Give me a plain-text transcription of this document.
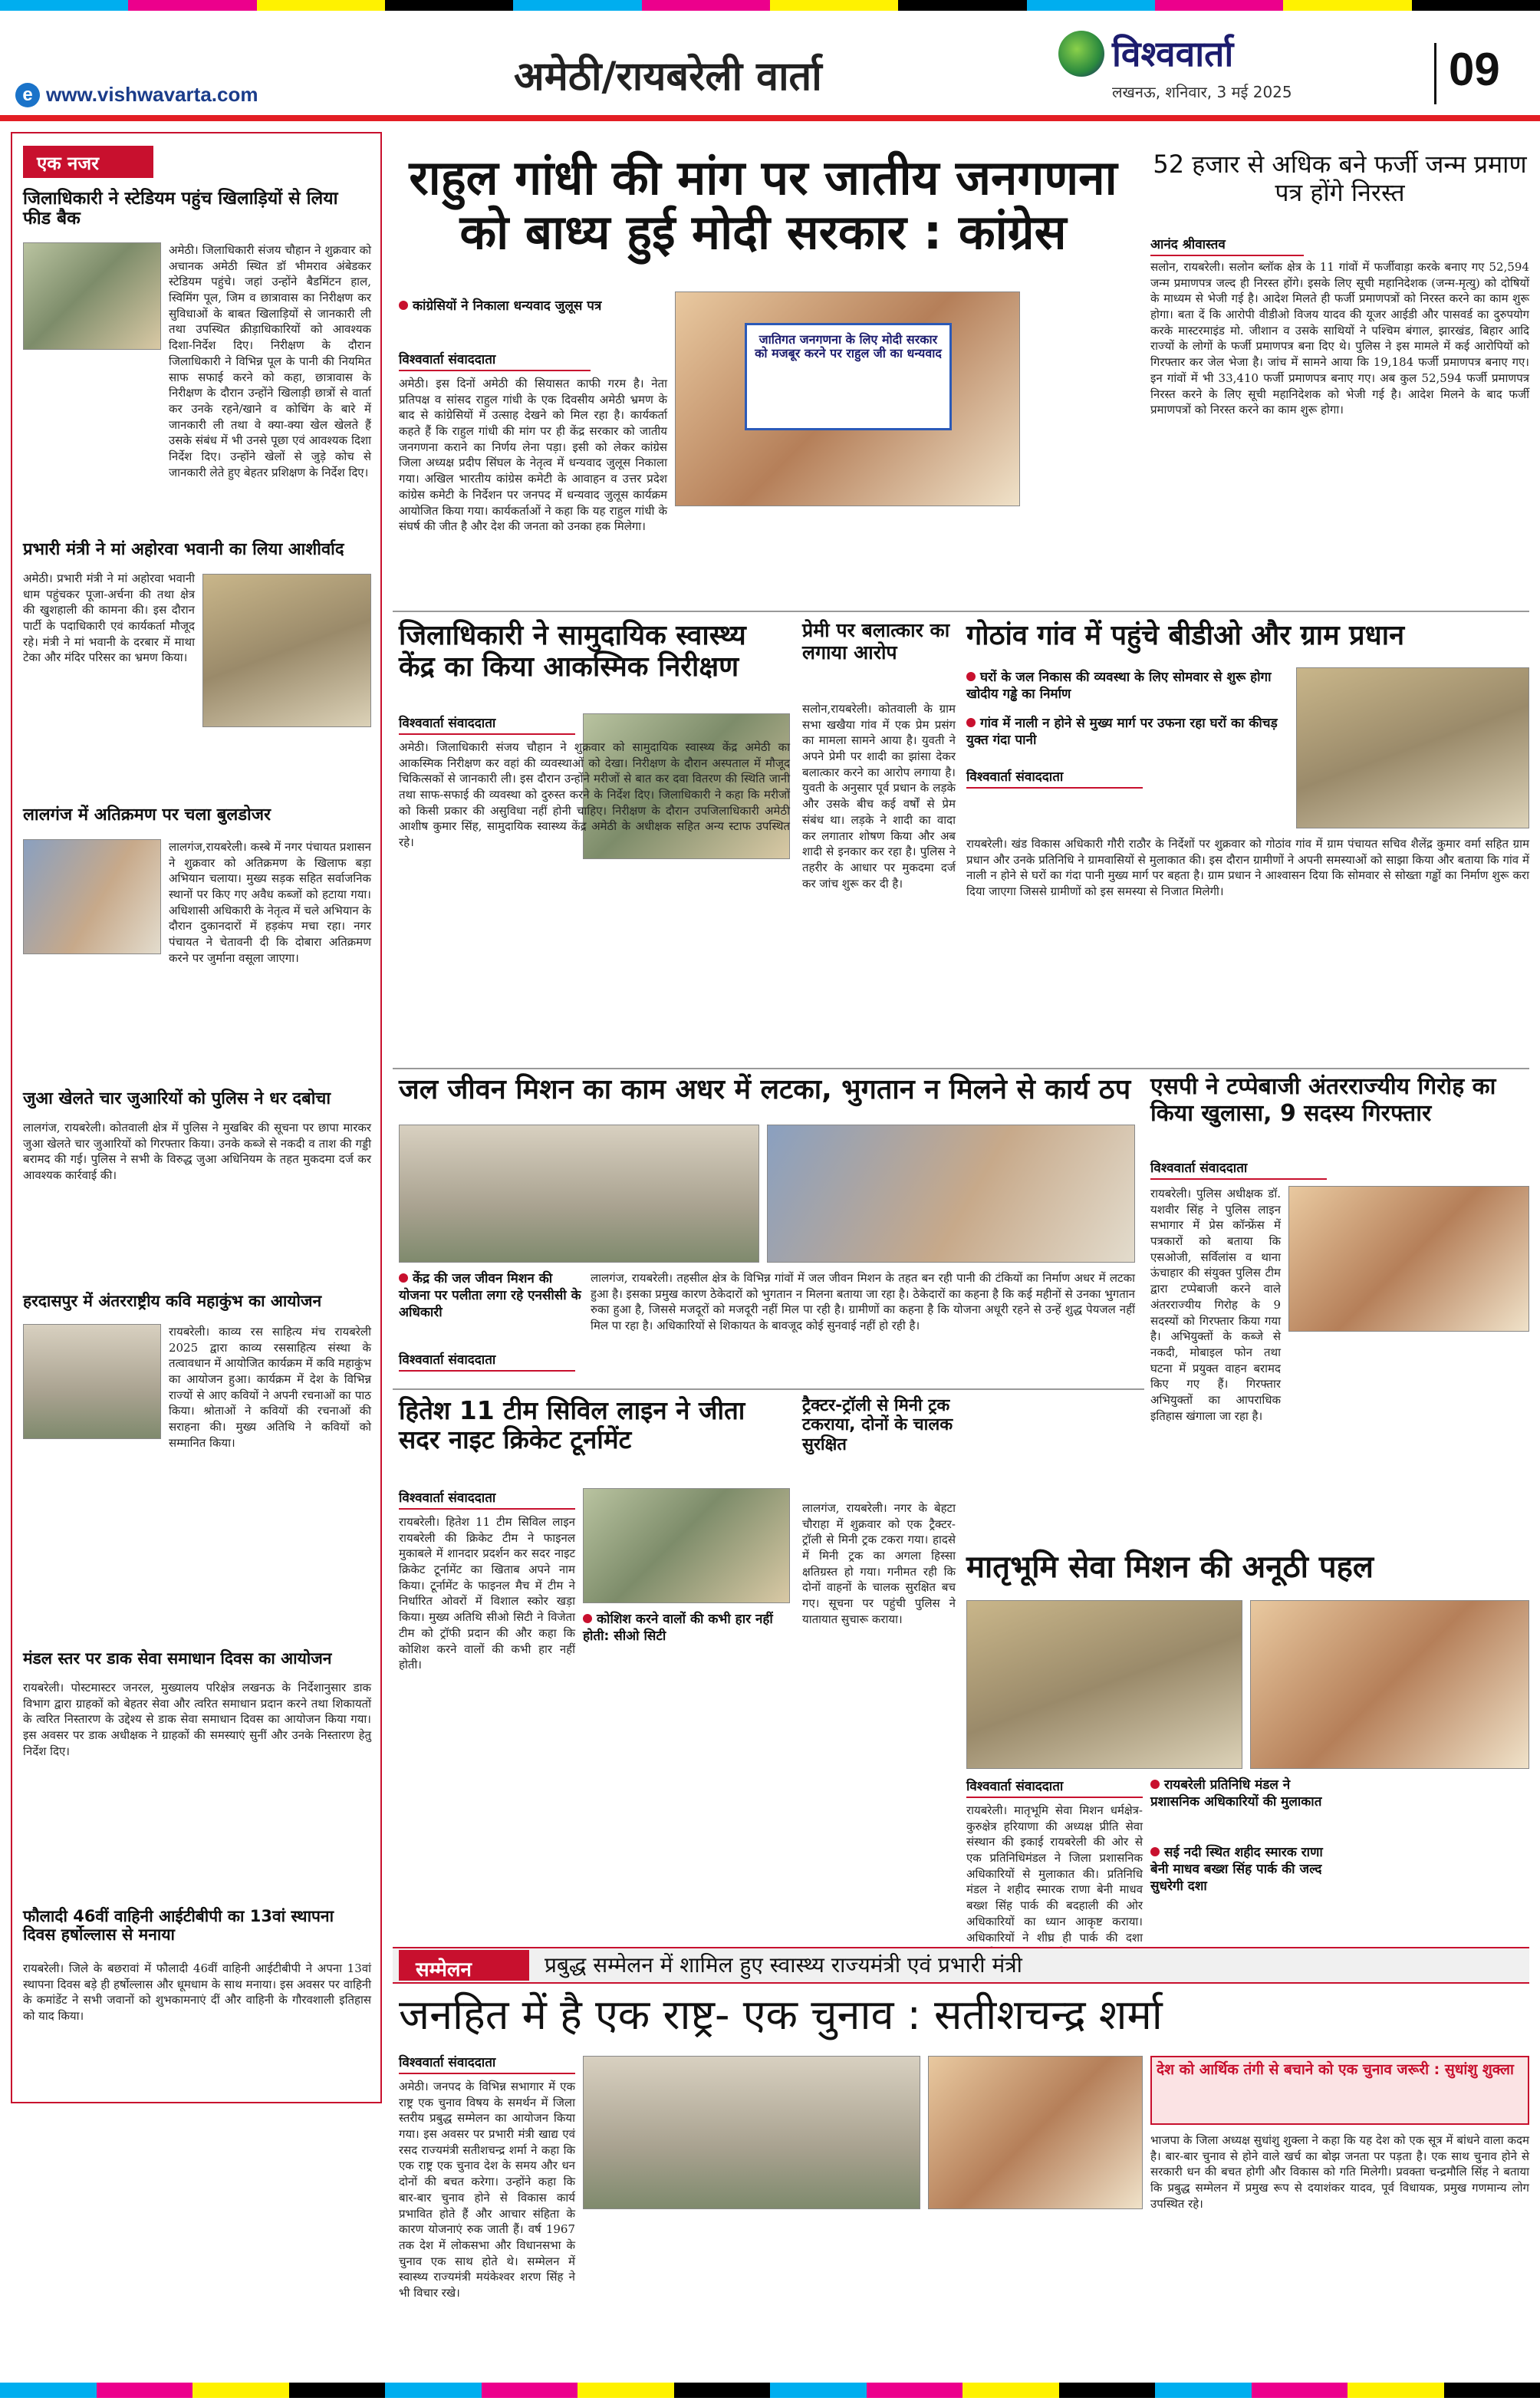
अमेठी/रायबरेली वार्ता
www.vishwavarta.com
e
विश्ववार्ता
लखनऊ, शनिवार, 3 मई 2025	09
एक नजर
जिलाधिकारी ने स्टेडियम पहुंच खिलाड़ियों से लिया फीड बैक
अमेठी। जिलाधिकारी संजय चौहान ने शुक्रवार को अचानक अमेठी स्थित डॉ भीमराव अंबेडकर स्टेडियम पहुंचे। जहां उन्होंने बैडमिंटन हाल, स्विमिंग पूल, जिम व छात्रावास का निरीक्षण कर सुविधाओं के बाबत खिलाड़ियों से जानकारी ली तथा उपस्थित क्रीड़ाधिकारियों को आवश्यक दिशा-निर्देश दिए। निरीक्षण के दौरान जिलाधिकारी ने विभिन्न पूल के पानी की नियमित साफ सफाई करने को कहा, छात्रावास के निरीक्षण के दौरान उन्होंने खिलाड़ी छात्रों से वार्ता कर उनके रहने/खाने व कोचिंग के बारे में जानकारी ली तथा वे क्या-क्या खेल खेलते हैं उसके संबंध में भी उनसे पूछा एवं आवश्यक दिशा निर्देश दिए। उन्होंने खेलों से जुड़े कोच से जानकारी लेते हुए बेहतर प्रशिक्षण के निर्देश दिए।
प्रभारी मंत्री ने मां अहोरवा भवानी का लिया आशीर्वाद
अमेठी। प्रभारी मंत्री ने मां अहोरवा भवानी धाम पहुंचकर पूजा-अर्चना की तथा क्षेत्र की खुशहाली की कामना की। इस दौरान पार्टी के पदाधिकारी एवं कार्यकर्ता मौजूद रहे। मंत्री ने मां भवानी के दरबार में माथा टेका और मंदिर परिसर का भ्रमण किया।
लालगंज में अतिक्रमण पर चला बुलडोजर
लालगंज,रायबरेली। कस्बे में नगर पंचायत प्रशासन ने शुक्रवार को अतिक्रमण के खिलाफ बड़ा अभियान चलाया। मुख्य सड़क सहित सर्वाजनिक स्थानों पर किए गए अवैध कब्जों को हटाया गया। अधिशासी अधिकारी के नेतृत्व में चले अभियान के दौरान दुकानदारों में हड़कंप मचा रहा। नगर पंचायत ने चेतावनी दी कि दोबारा अतिक्रमण करने पर जुर्माना वसूला जाएगा।
जुआ खेलते चार जुआरियों को पुलिस ने धर दबोचा
लालगंज, रायबरेली। कोतवाली क्षेत्र में पुलिस ने मुखबिर की सूचना पर छापा मारकर जुआ खेलते चार जुआरियों को गिरफ्तार किया। उनके कब्जे से नकदी व ताश की गड्डी बरामद की गई। पुलिस ने सभी के विरुद्ध जुआ अधिनियम के तहत मुकदमा दर्ज कर आवश्यक कार्रवाई की।
हरदासपुर में अंतरराष्ट्रीय कवि महाकुंभ का आयोजन
रायबरेली। काव्य रस साहित्य मंच रायबरेली 2025 द्वारा काव्य रससाहित्य संस्था के तत्वावधान में आयोजित कार्यक्रम में कवि महाकुंभ का आयोजन हुआ। कार्यक्रम में देश के विभिन्न राज्यों से आए कवियों ने अपनी रचनाओं का पाठ किया। श्रोताओं ने कवियों की रचनाओं की सराहना की। मुख्य अतिथि ने कवियों को सम्मानित किया।
मंडल स्तर पर डाक सेवा समाधान दिवस का आयोजन
रायबरेली। पोस्टमास्टर जनरल, मुख्यालय परिक्षेत्र लखनऊ के निर्देशानुसार डाक विभाग द्वारा ग्राहकों को बेहतर सेवा और त्वरित समाधान प्रदान करने तथा शिकायतों के त्वरित निस्तारण के उद्देश्य से डाक सेवा समाधान दिवस का आयोजन किया गया। इस अवसर पर डाक अधीक्षक ने ग्राहकों की समस्याएं सुनीं और उनके निस्तारण हेतु निर्देश दिए।
फौलादी 46वीं वाहिनी आईटीबीपी का 13वां स्थापना दिवस हर्षोल्लास से मनाया
रायबरेली। जिले के बछरावां में फौलादी 46वीं वाहिनी आईटीबीपी ने अपना 13वां स्थापना दिवस बड़े ही हर्षोल्लास और धूमधाम के साथ मनाया। इस अवसर पर वाहिनी के कमांडेंट ने सभी जवानों को शुभकामनाएं दीं और वाहिनी के गौरवशाली इतिहास को याद किया।
राहुल गांधी की मांग पर जातीय जनगणना को बाध्य हुई मोदी सरकार : कांग्रेस
कांग्रेसियों ने निकाला धन्यवाद जुलूस पत्र
जातिगत जनगणना के लिए मोदी सरकार को मजबूर करने पर राहुल जी का धन्यवाद
विश्ववार्ता संवाददाता
अमेठी। इस दिनों अमेठी की सियासत काफी गरम है। नेता प्रतिपक्ष व सांसद राहुल गांधी के एक दिवसीय अमेठी भ्रमण के बाद से कांग्रेसियों में उत्साह देखने को मिल रहा है। कार्यकर्ता कहते हैं कि राहुल गांधी की मांग पर ही केंद्र सरकार को जातीय जनगणना कराने का निर्णय लेना पड़ा। इसी को लेकर कांग्रेस जिला अध्यक्ष प्रदीप सिंघल के नेतृत्व में धन्यवाद जुलूस निकाला गया। अखिल भारतीय कांग्रेस कमेटी के आवाहन व उत्तर प्रदेश कांग्रेस कमेटी के निर्देशन पर जनपद में धन्यवाद जुलूस कार्यक्रम आयोजित किया गया। कार्यकर्ताओं ने कहा कि यह राहुल गांधी के संघर्ष की जीत है और देश की जनता को उनका हक मिलेगा।
52 हजार से अधिक बने फर्जी जन्म प्रमाण पत्र होंगे निरस्त
आनंद श्रीवास्तव
सलोन, रायबरेली। सलोन ब्लॉक क्षेत्र के 11 गांवों में फर्जीवाड़ा करके बनाए गए 52,594 जन्म प्रमाणपत्र जल्द ही निरस्त होंगे। इसके लिए सूची महानिदेशक (जन्म-मृत्यु) को दोषियों के माध्यम से भेजी गई है। आदेश मिलते ही फर्जी प्रमाणपत्रों को निरस्त करने का काम शुरू होगा। बता दें कि आरोपी वीडीओ विजय यादव की यूजर आईडी और पासवर्ड का दुरुपयोग करके मास्टरमाइंड मो. जीशान व उसके साथियों ने पश्चिम बंगाल, झारखंड, बिहार आदि राज्यों के लोगों के फर्जी प्रमाणपत्र बना दिए थे। पुलिस ने इस मामले में कई आरोपियों को गिरफ्तार कर जेल भेजा है। जांच में सामने आया कि 19,184 फर्जी प्रमाणपत्र बनाए गए। इन गांवों में भी 33,410 फर्जी प्रमाणपत्र बनाए गए। अब कुल 52,594 फर्जी प्रमाणपत्र निरस्त करने के लिए सूची महानिदेशक को भेजी गई है। आदेश मिलने के बाद फर्जी प्रमाणपत्रों को निरस्त करने का काम शुरू होगा।
जिलाधिकारी ने सामुदायिक स्वास्थ्य केंद्र का किया आकस्मिक निरीक्षण
विश्ववार्ता संवाददाता
अमेठी। जिलाधिकारी संजय चौहान ने शुक्रवार को सामुदायिक स्वास्थ्य केंद्र अमेठी का आकस्मिक निरीक्षण कर वहां की व्यवस्थाओं को देखा। निरीक्षण के दौरान अस्पताल में मौजूद चिकित्सकों से जानकारी ली। इस दौरान उन्होंने मरीजों से बात कर दवा वितरण की स्थिति जानी तथा साफ-सफाई की व्यवस्था को दुरुस्त करने के निर्देश दिए। जिलाधिकारी ने कहा कि मरीजों को किसी प्रकार की असुविधा नहीं होनी चाहिए। निरीक्षण के दौरान उपजिलाधिकारी अमेठी आशीष कुमार सिंह, सामुदायिक स्वास्थ्य केंद्र अमेठी के अधीक्षक सहित अन्य स्टाफ उपस्थित रहे।
प्रेमी पर बलात्कार का लगाया आरोप
सलोन,रायबरेली। कोतवाली के ग्राम सभा खखैया गांव में एक प्रेम प्रसंग का मामला सामने आया है। युवती ने अपने प्रेमी पर शादी का झांसा देकर बलात्कार करने का आरोप लगाया है। युवती के अनुसार पूर्व प्रधान के लड़के और उसके बीच कई वर्षों से प्रेम संबंध था। लड़के ने शादी का वादा कर लगातार शोषण किया और अब शादी से इनकार कर रहा है। पुलिस ने तहरीर के आधार पर मुकदमा दर्ज कर जांच शुरू कर दी है।
गोठांव गांव में पहुंचे बीडीओ और ग्राम प्रधान
घरों के जल निकास की व्यवस्था के लिए सोमवार से शुरू होगा खोदीय गड्ढे का निर्माण
गांव में नाली न होने से मुख्य मार्ग पर उफना रहा घरों का कीचड़ युक्त गंदा पानी
विश्ववार्ता संवाददाता
रायबरेली। खंड विकास अधिकारी गौरी राठौर के निर्देशों पर शुक्रवार को गोठांव गांव में ग्राम पंचायत सचिव शैलेंद्र कुमार वर्मा सहित ग्राम प्रधान और उनके प्रतिनिधि ने ग्रामवासियों से मुलाकात की। इस दौरान ग्रामीणों ने अपनी समस्याओं को साझा किया और बताया कि गांव में नाली न होने से घरों का गंदा पानी मुख्य मार्ग पर बहता है। ग्राम प्रधान ने आश्वासन दिया कि सोमवार से सोख्ता गड्ढों का निर्माण शुरू करा दिया जाएगा जिससे ग्रामीणों को इस समस्या से निजात मिलेगी।
जल जीवन मिशन का काम अधर में लटका, भुगतान न मिलने से कार्य ठप
केंद्र की जल जीवन मिशन की योजना पर पलीता लगा रहे एनसीसी के अधिकारी
विश्ववार्ता संवाददाता
लालगंज, रायबरेली। तहसील क्षेत्र के विभिन्न गांवों में जल जीवन मिशन के तहत बन रही पानी की टंकियों का निर्माण अधर में लटका हुआ है। इसका प्रमुख कारण ठेकेदारों को भुगतान न मिलना बताया जा रहा है। ठेकेदारों का कहना है कि कई महीनों से उनका भुगतान रुका हुआ है, जिससे मजदूरों को मजदूरी नहीं मिल पा रही है। ग्रामीणों का कहना है कि योजना अधूरी रहने से उन्हें शुद्ध पेयजल नहीं मिल पा रहा है। अधिकारियों से शिकायत के बावजूद कोई सुनवाई नहीं हो रही है।
एसपी ने टप्पेबाजी अंतरराज्यीय गिरोह का किया खुलासा, 9 सदस्य गिरफ्तार
विश्ववार्ता संवाददाता
रायबरेली। पुलिस अधीक्षक डॉ. यशवीर सिंह ने पुलिस लाइन सभागार में प्रेस कॉन्फ्रेंस में पत्रकारों को बताया कि एसओजी, सर्विलांस व थाना ऊंचाहार की संयुक्त पुलिस टीम द्वारा टप्पेबाजी करने वाले अंतरराज्यीय गिरोह के 9 सदस्यों को गिरफ्तार किया गया है। अभियुक्तों के कब्जे से नकदी, मोबाइल फोन तथा घटना में प्रयुक्त वाहन बरामद किए गए हैं। गिरफ्तार अभियुक्तों का आपराधिक इतिहास खंगाला जा रहा है।
हितेश 11 टीम सिविल लाइन ने जीता सदर नाइट क्रिकेट टूर्नामेंट
विश्ववार्ता संवाददाता
कोशिश करने वालों की कभी हार नहीं होती: सीओ सिटी
रायबरेली। हितेश 11 टीम सिविल लाइन रायबरेली की क्रिकेट टीम ने फाइनल मुकाबले में शानदार प्रदर्शन कर सदर नाइट क्रिकेट टूर्नामेंट का खिताब अपने नाम किया। टूर्नामेंट के फाइनल मैच में टीम ने निर्धारित ओवरों में विशाल स्कोर खड़ा किया। मुख्य अतिथि सीओ सिटी ने विजेता टीम को ट्रॉफी प्रदान की और कहा कि कोशिश करने वालों की कभी हार नहीं होती।
ट्रैक्टर-ट्रॉली से मिनी ट्रक टकराया, दोनों के चालक सुरक्षित
लालगंज, रायबरेली। नगर के बेहटा चौराहा में शुक्रवार को एक ट्रैक्टर-ट्रॉली से मिनी ट्रक टकरा गया। हादसे में मिनी ट्रक का अगला हिस्सा क्षतिग्रस्त हो गया। गनीमत रही कि दोनों वाहनों के चालक सुरक्षित बच गए। सूचना पर पहुंची पुलिस ने यातायात सुचारू कराया।
मातृभूमि सेवा मिशन की अनूठी पहल
विश्ववार्ता संवाददाता	रायबरेली प्रतिनिधि मंडल ने प्रशासनिक अधिकारियों की मुलाकात
सई नदी स्थित शहीद स्मारक राणा बेनी माधव बख्श सिंह पार्क की जल्द सुधरेगी दशा
रायबरेली। मातृभूमि सेवा मिशन धर्मक्षेत्र-कुरुक्षेत्र हरियाणा की अध्यक्ष प्रीति सेवा संस्थान की इकाई रायबरेली की ओर से एक प्रतिनिधिमंडल ने जिला प्रशासनिक अधिकारियों से मुलाकात की। प्रतिनिधि मंडल ने शहीद स्मारक राणा बेनी माधव बख्श सिंह पार्क की बदहाली की ओर अधिकारियों का ध्यान आकृष्ट कराया। अधिकारियों ने शीघ्र ही पार्क की दशा
सम्मेलन	प्रबुद्ध सम्मेलन में शामिल हुए स्वास्थ्य राज्यमंत्री एवं प्रभारी मंत्री
जनहित में है एक राष्ट्र- एक चुनाव : सतीशचन्द्र शर्मा
विश्ववार्ता संवाददाता
अमेठी। जनपद के विभिन्न सभागार में एक राष्ट्र एक चुनाव विषय के समर्थन में जिला स्तरीय प्रबुद्ध सम्मेलन का आयोजन किया गया। इस अवसर पर प्रभारी मंत्री खाद्य एवं रसद राज्यमंत्री सतीशचन्द्र शर्मा ने कहा कि एक राष्ट्र एक चुनाव देश के समय और धन दोनों की बचत करेगा। उन्होंने कहा कि बार-बार चुनाव होने से विकास कार्य प्रभावित होते हैं और आचार संहिता के कारण योजनाएं रुक जाती हैं। वर्ष 1967 तक देश में लोकसभा और विधानसभा के चुनाव एक साथ होते थे। सम्मेलन में स्वास्थ्य राज्यमंत्री मयंकेश्वर शरण सिंह ने भी विचार रखे।
देश को आर्थिक तंगी से बचाने को एक चुनाव जरूरी : सुधांशु शुक्ला
भाजपा के जिला अध्यक्ष सुधांशु शुक्ला ने कहा कि यह देश को एक सूत्र में बांधने वाला कदम है। बार-बार चुनाव से होने वाले खर्च का बोझ जनता पर पड़ता है। एक साथ चुनाव होने से सरकारी धन की बचत होगी और विकास को गति मिलेगी। प्रवक्ता चन्द्रमौलि सिंह ने बताया कि प्रबुद्ध सम्मेलन में प्रमुख रूप से दयाशंकर यादव, पूर्व विधायक, प्रमुख गणमान्य लोग उपस्थित रहे।
